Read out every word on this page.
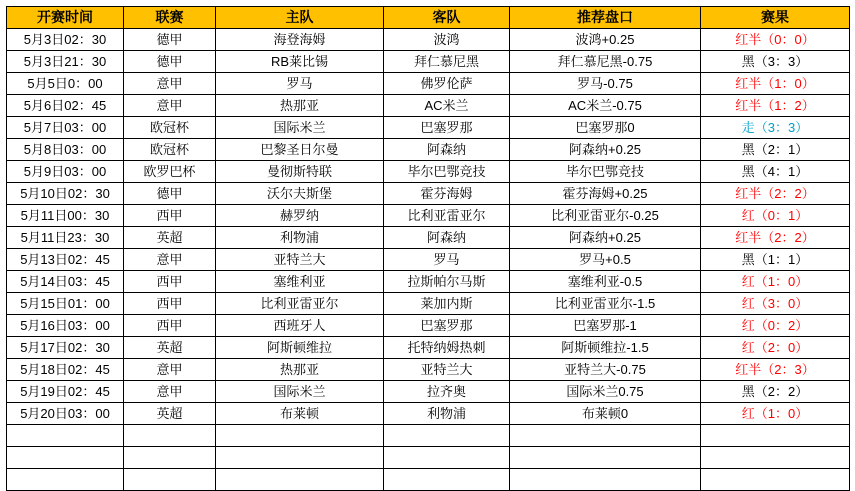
开赛时间	联赛	主队	客队	推荐盘口	赛果
5月3日02：30	德甲	海登海姆	波鸿	波鸿+0.25	红半（0：0）
5月3日21：30	德甲	RB莱比锡	拜仁慕尼黑	拜仁慕尼黑-0.75	黑（3：3）
5月5日0：00	意甲	罗马	佛罗伦萨	罗马-0.75	红半（1：0）
5月6日02：45	意甲	热那亚	AC米兰	AC米兰-0.75	红半（1：2）
5月7日03：00	欧冠杯	国际米兰	巴塞罗那	巴塞罗那0	走（3：3）
5月8日03：00	欧冠杯	巴黎圣日尔曼	阿森纳	阿森纳+0.25	黑（2：1）
5月9日03：00	欧罗巴杯	曼彻斯特联	毕尔巴鄂竞技	毕尔巴鄂竞技	黑（4：1）
5月10日02：30	德甲	沃尔夫斯堡	霍芬海姆	霍芬海姆+0.25	红半（2：2）
5月11日00：30	西甲	赫罗纳	比利亚雷亚尔	比利亚雷亚尔-0.25	红（0：1）
5月11日23：30	英超	利物浦	阿森纳	阿森纳+0.25	红半（2：2）
5月13日02：45	意甲	亚特兰大	罗马	罗马+0.5	黑（1：1）
5月14日03：45	西甲	塞维利亚	拉斯帕尔马斯	塞维利亚-0.5	红（1：0）
5月15日01：00	西甲	比利亚雷亚尔	莱加内斯	比利亚雷亚尔-1.5	红（3：0）
5月16日03：00	西甲	西班牙人	巴塞罗那	巴塞罗那-1	红（0：2）
5月17日02：30	英超	阿斯顿维拉	托特纳姆热刺	阿斯顿维拉-1.5	红（2：0）
5月18日02：45	意甲	热那亚	亚特兰大	亚特兰大-0.75	红半（2：3）
5月19日02：45	意甲	国际米兰	拉齐奥	国际米兰0.75	黑（2：2）
5月20日03：00	英超	布莱顿	利物浦	布莱顿0	红（1：0）
